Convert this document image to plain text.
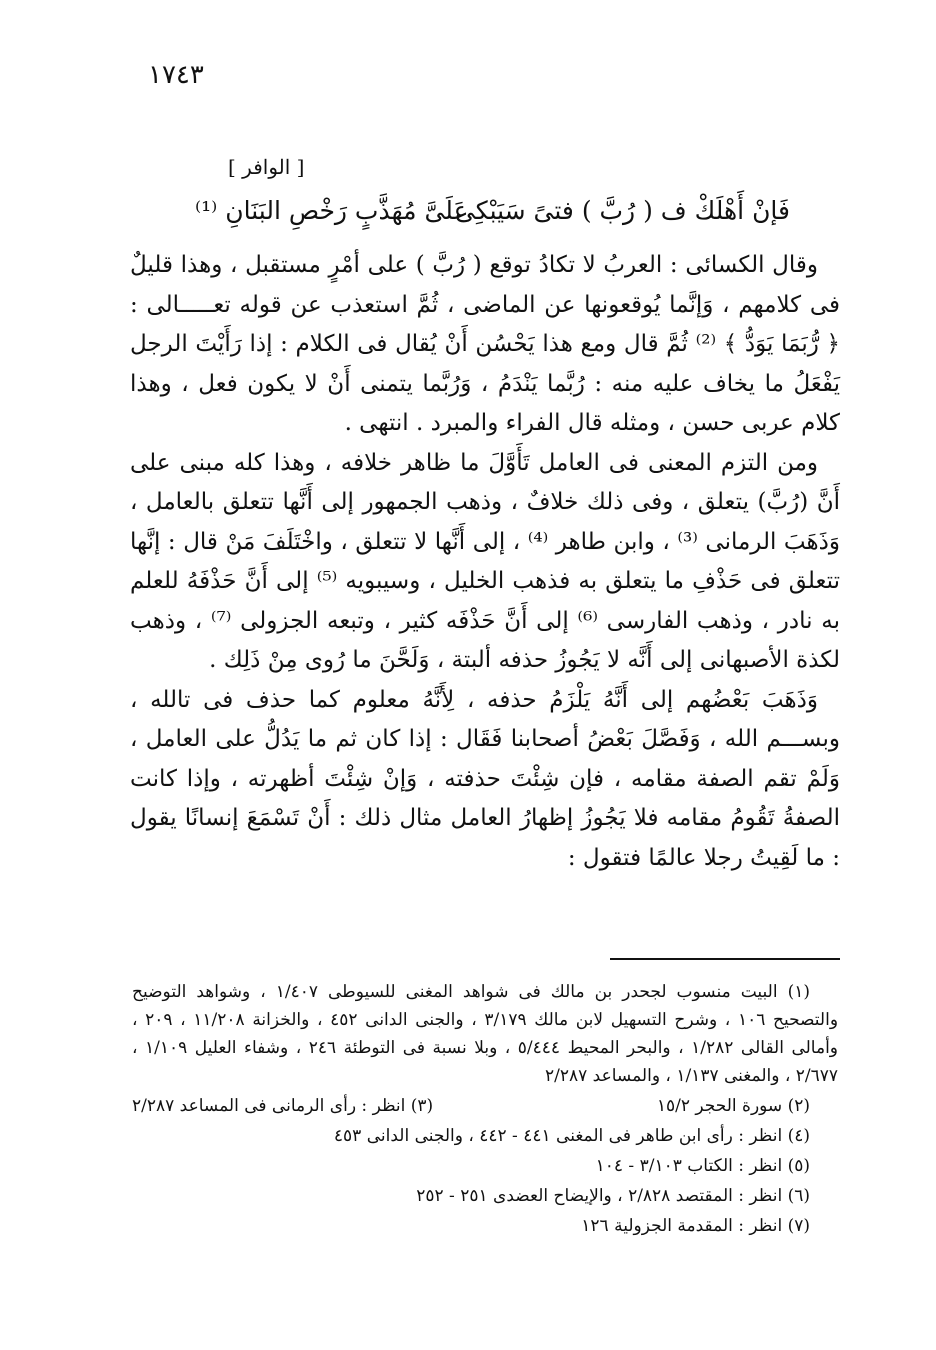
١٧٤٣
[ الوافر ]
فَإنْ أَهْلَكْ ف ( رُبَّ ) فتىً سَيَبْكِى
عَلَىَّ مُهَذَّبٍ رَخْصِ البَنَانِ ⁽¹⁾

وقال الكسائى : العربُ لا تكادُ توقع ( رُبَّ ) على أمْرٍ مستقبل ، وهذا قليلٌ فى كلامهم ، وَإنَّما يُوقعونها عن الماضى ، ثُمَّ استعذب عن قوله تعـــــالى : ﴿ رُّبَمَا يَوَدُّ ﴾ ⁽²⁾ ثُمَّ قال ومع هذا يَحْسُن أَنْ يُقال فى الكلام : إذا رَأَيْتَ الرجل يَفْعَلُ ما يخاف عليه منه : رُبَّما يَنْدَمُ ، وَرُبَّما يتمنى أَنْ لا يكون فعل ، وهذا كلام عربى حسن ، ومثله قال الفراء والمبرد . انتهى .

ومن التزم المعنى فى العامل تَأَوَّلَ ما ظاهر خلافه ، وهذا كله مبنى على أَنَّ (رُبَّ) يتعلق ، وفى ذلك خلافٌ ، وذهب الجمهور إلى أَنَّها تتعلق بالعامل ، وَذَهَبَ الرمانى ⁽³⁾ ، وابن طاهر ⁽⁴⁾ ، إلى أَنَّها لا تتعلق ، واخْتَلَفَ مَنْ قال : إنَّها تتعلق فى حَذْفِ ما يتعلق به فذهب الخليل ، وسيبويه ⁽⁵⁾ إلى أَنَّ حَذْفَهُ للعلم به نادر ، وذهب الفارسى ⁽⁶⁾ إلى أَنَّ حَذْفَه كثير ، وتبعه الجزولى ⁽⁷⁾ ، وذهب لكذة الأصبهانى إلى أَنَّه لا يَجُوزُ حذفه ألبتة ، وَلَحَّنَ ما رُوى مِنْ ذَلِك .

وَذَهَبَ بَعْضُهم إلى أَنَّهُ يَلْزَمُ حذفه ، لِأَنَّهُ معلوم كما حذف فى تالله ، وبســـم الله ، وَفَصَّلَ بَعْضُ أصحابنا فَقَال : إذا كان ثم ما يَدُلُّ على العامل ، وَلَمْ تقم الصفة مقامه ، فإن شِئْتَ حذفته ، وَإنْ شِئْتَ أظهرته ، وإذا كانت الصفةُ تَقُومُ مقامه فلا يَجُوزُ إظهارُ العامل مثال ذلك : أَنْ تَسْمَعَ إنسانًا يقول : ما لَقِيتُ رجلا عالمًا فتقول :

(١) البيت منسوب لجحدر بن مالك فى شواهد المغنى للسيوطى ١/٤٠٧ ، وشواهد التوضيح والتصحيح ١٠٦ ، وشرح التسهيل لابن مالك ٣/١٧٩ ، والجنى الدانى ٤٥٢ ، والخزانة ١١/٢٠٨ ، ٢٠٩ ، وأمالى القالى ١/٢٨٢ ، والبحر المحيط ٥/٤٤٤ ، وبلا نسبة فى التوطئة ٢٤٦ ، وشفاء العليل ١/١٠٩ ، ٢/٦٧٧ ، والمغنى ١/١٣٧ ، والمساعد ٢/٢٨٧

(٢) سورة الحجر ١٥/٢
(٣) انظر : رأى الرمانى فى المساعد ٢/٢٨٧
(٤) انظر : رأى ابن طاهر فى المغنى ٤٤١ - ٤٤٢ ، والجنى الدانى ٤٥٣
(٥) انظر : الكتاب ٣/١٠٣ - ١٠٤
(٦) انظر : المقتصد ٢/٨٢٨ ، والإيضاح العضدى ٢٥١ - ٢٥٢
(٧) انظر : المقدمة الجزولية ١٢٦
